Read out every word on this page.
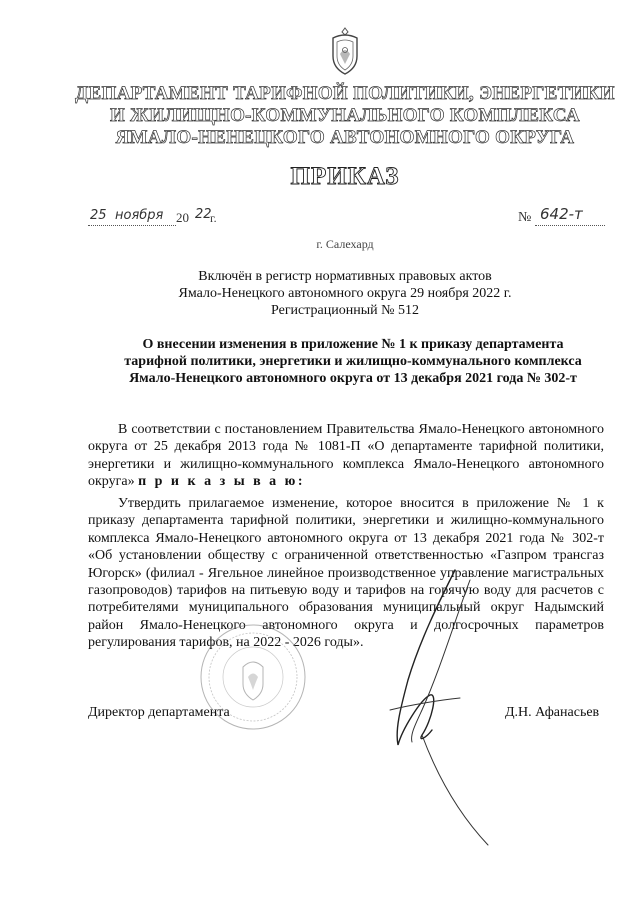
ДЕПАРТАМЕНТ ТАРИФНОЙ ПОЛИТИКИ, ЭНЕРГЕТИКИ
И ЖИЛИЩНО-КОММУНАЛЬНОГО КОМПЛЕКСА
ЯМАЛО-НЕНЕЦКОГО АВТОНОМНОГО ОКРУГА
ПРИКАЗ
25 ноября 20 22
г.	№ 642-т
г. Салехард
Включён в регистр нормативных правовых актов
Ямало-Ненецкого автономного округа 29 ноября 2022 г.
Регистрационный № 512
О внесении изменения в приложение № 1 к приказу департамента
тарифной политики, энергетики и жилищно-коммунального комплекса
Ямало-Ненецкого автономного округа от 13 декабря 2021 года № 302-т
В соответствии с постановлением Правительства Ямало-Ненецкого автономного округа от 25 декабря 2013 года № 1081-П «О департаменте тарифной политики, энергетики и жилищно-коммунального комплекса Ямало-Ненецкого автономного округа» п р и к а з ы в а ю:
Утвердить прилагаемое изменение, которое вносится в приложение № 1 к приказу департамента тарифной политики, энергетики и жилищно-коммунального комплекса Ямало-Ненецкого автономного округа от 13 декабря 2021 года № 302-т «Об установлении обществу с ограниченной ответственностью «Газпром трансгаз Югорск» (филиал - Ягельное линейное производственное управление магистральных газопроводов) тарифов на питьевую воду и тарифов на горячую воду для расчетов с потребителями муниципального образования муниципальный округ Надымский район Ямало-Ненецкого автономного округа и долгосрочных параметров регулирования тарифов, на 2022 - 2026 годы».
Директор департамента	Д.Н. Афанасьев
